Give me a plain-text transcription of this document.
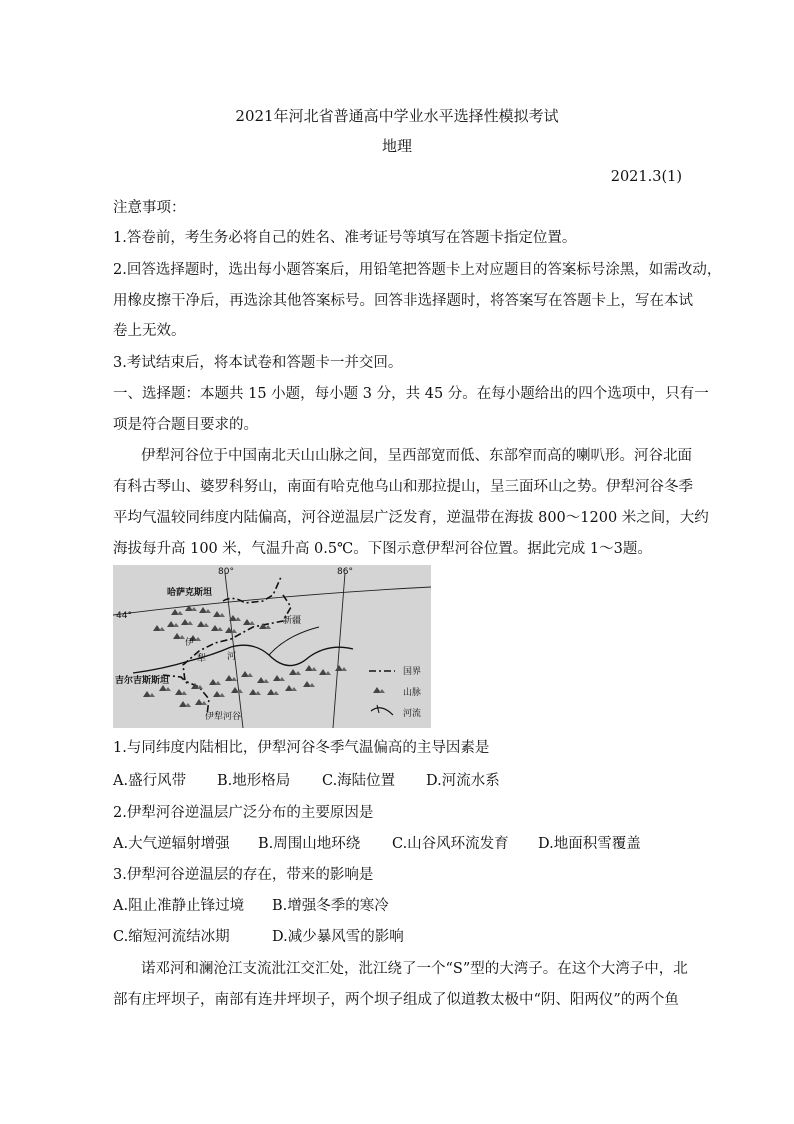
2021年河北省普通高中学业水平选择性模拟考试
地理
2021.3(1)
注意事项：
1.答卷前，考生务必将自己的姓名、准考证号等填写在答题卡指定位置。
2.回答选择题时，选出每小题答案后，用铅笔把答题卡上对应题目的答案标号涂黑，如需改动，
用橡皮擦干净后，再选涂其他答案标号。回答非选择题时，将答案写在答题卡上，写在本试
卷上无效。
3.考试结束后，将本试卷和答题卡一并交回。
一、选择题：本题共 15 小题，每小题 3 分，共 45 分。在每小题给出的四个选项中，只有一
项是符合题目要求的。
伊犁河谷位于中国南北天山山脉之间，呈西部宽而低、东部窄而高的喇叭形。河谷北面
有科古琴山、婆罗科努山，南面有哈克他乌山和那拉提山，呈三面环山之势。伊犁河谷冬季
平均气温较同纬度内陆偏高，河谷逆温层广泛发育，逆温带在海拔 800～1200 米之间，大约
海拔每升高 100 米，气温升高 0.5℃。下图示意伊犁河谷位置。据此完成 1～3题。
80°	86°
44°
哈萨克斯坦
新疆
吉尔吉斯斯坦
伊
犁 河
伊犁河谷
国界
山脉
河流
1.与同纬度内陆相比，伊犁河谷冬季气温偏高的主导因素是
A.盛行风带 B.地形格局 C.海陆位置 D.河流水系
2.伊犁河谷逆温层广泛分布的主要原因是
A.大气逆辐射增强 B.周围山地环绕 C.山谷风环流发育 D.地面积雪覆盖
3.伊犁河谷逆温层的存在，带来的影响是
A.阻止准静止锋过境 B.增强冬季的寒冷
C.缩短河流结冰期	D.减少暴风雪的影响
诺邓河和澜沧江支流沘江交汇处，沘江绕了一个“S”型的大湾子。在这个大湾子中，北
部有庄坪坝子，南部有连井坪坝子，两个坝子组成了似道教太极中“阴、阳两仪”的两个鱼
